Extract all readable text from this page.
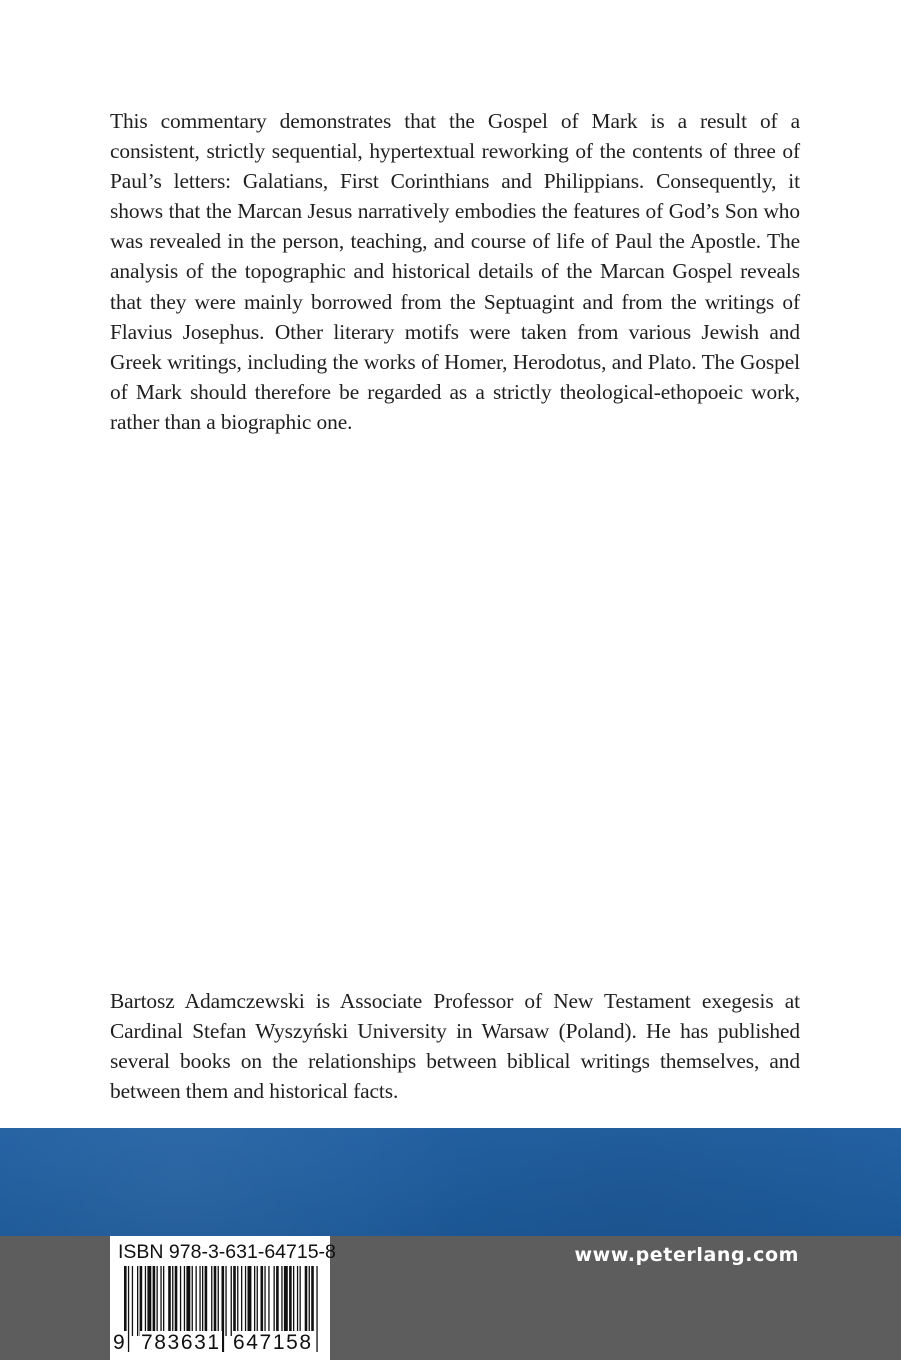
This commentary demonstrates that the Gospel of Mark is a result of a consistent, strictly sequential, hypertextual reworking of the contents of three of Paul’s letters: Galatians, First Corinthians and Philippians. Consequently, it shows that the Marcan Jesus narratively embodies the features of God’s Son who was revealed in the person, teaching, and course of life of Paul the Apostle. The analysis of the topographic and historical details of the Marcan Gospel reveals that they were mainly borrowed from the Septuagint and from the writings of Flavius Josephus. Other literary motifs were taken from various Jewish and Greek writings, including the works of Homer, Herodotus, and Plato. The Gospel of Mark should therefore be regarded as a strictly theological-ethopoeic work, rather than a biographic one.

Bartosz Adamczewski is Associate Professor of New Testament exegesis at Cardinal Stefan Wyszyński University in Warsaw (Poland). He has published several books on the relationships between biblical writings themselves, and between them and historical facts.

www.peterlang.com
ISBN 978-3-631-64715-8
9 783631 647158
